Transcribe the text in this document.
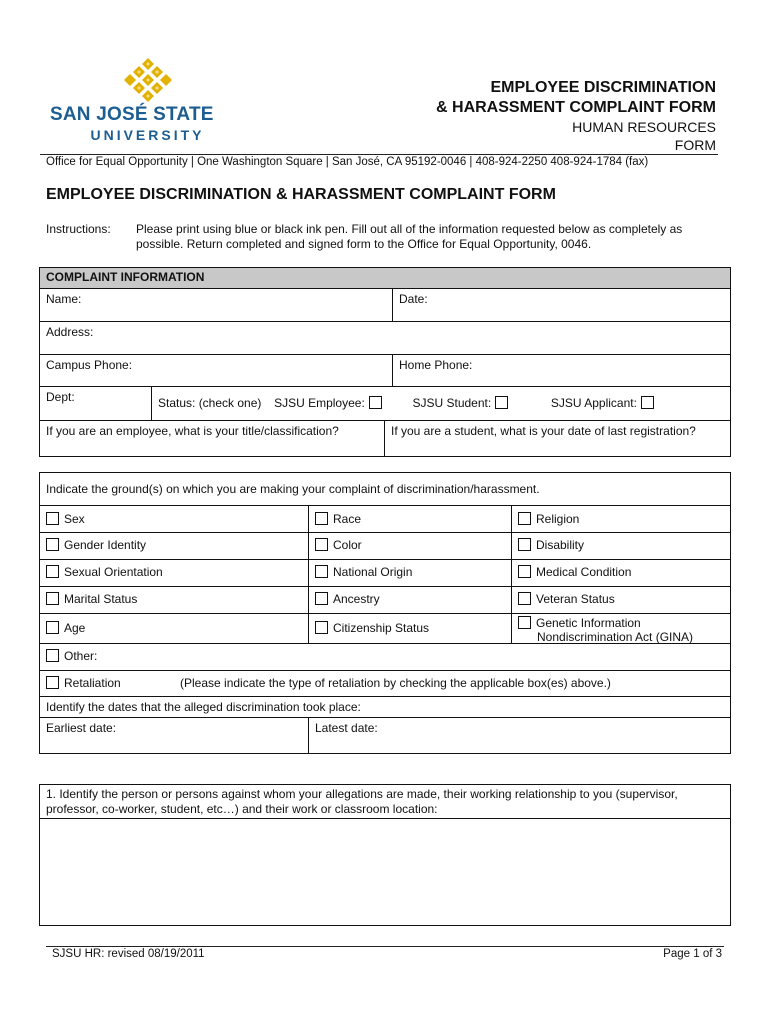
SAN JOSÉ STATE
UNIVERSITY
EMPLOYEE DISCRIMINATION
& HARASSMENT COMPLAINT FORM
HUMAN RESOURCES
FORM
Office for Equal Opportunity | One Washington Square | San José, CA 95192-0046 | 408-924-2250 408-924-1784 (fax)
EMPLOYEE DISCRIMINATION & HARASSMENT COMPLAINT FORM
Instructions: Please print using blue or black ink pen. Fill out all of the information requested below as completely as possible. Return completed and signed form to the Office for Equal Opportunity, 0046.
COMPLAINT INFORMATION
Name:	Date:
Address:
Campus Phone:	Home Phone:
Dept:	Status: (check one) SJSU Employee:	SJSU Student:	SJSU Applicant:
If you are an employee, what is your title/classification?	If you are a student, what is your date of last registration?
Indicate the ground(s) on which you are making your complaint of discrimination/harassment.
Sex	Race	Religion
Gender Identity	Color	Disability
Sexual Orientation	National Origin	Medical Condition
Marital Status	Ancestry	Veteran Status
Age	Citizenship Status	Genetic Information
Nondiscrimination Act (GINA)
Other:
Retaliation	(Please indicate the type of retaliation by checking the applicable box(es) above.)
Identify the dates that the alleged discrimination took place:
Earliest date:	Latest date:
1. Identify the person or persons against whom your allegations are made, their working relationship to you (supervisor, professor, co-worker, student, etc…) and their work or classroom location:
SJSU HR: revised 08/19/2011	Page 1 of 3
